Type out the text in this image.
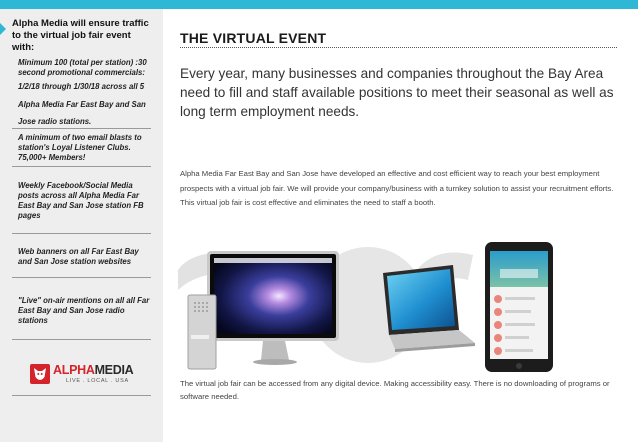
Alpha Media will ensure traffic to the virtual job fair event with:
Minimum 100 (total per station) :30 second promotional commercials:
1/2/18 through 1/30/18 across all 5
Alpha Media Far East Bay and San
Jose radio stations.
A minimum of two email blasts to station's Loyal Listener Clubs. 75,000+ Members!
Weekly Facebook/Social Media posts across all Alpha Media Far East Bay and San Jose station FB pages
Web banners on all Far East Bay and San Jose station websites
"Live" on-air mentions on all all Far East Bay and San Jose radio stations
ALPHAMEDIA
LIVE . LOCAL . USA
THE VIRTUAL EVENT

Every year, many businesses and companies throughout the Bay Area need to fill and staff available positions to meet their seasonal as well as long term employment needs.

Alpha Media Far East Bay and San Jose have developed an effective and cost efficient way to reach your best employment prospects with a virtual job fair. We will provide your company/business with a turnkey solution to assist your recruitment efforts. This virtual job fair is cost effective and eliminates the need to staff a booth.

The virtual job fair can be accessed from any digital device. Making accessibility easy. There is no downloading of programs or software needed.
